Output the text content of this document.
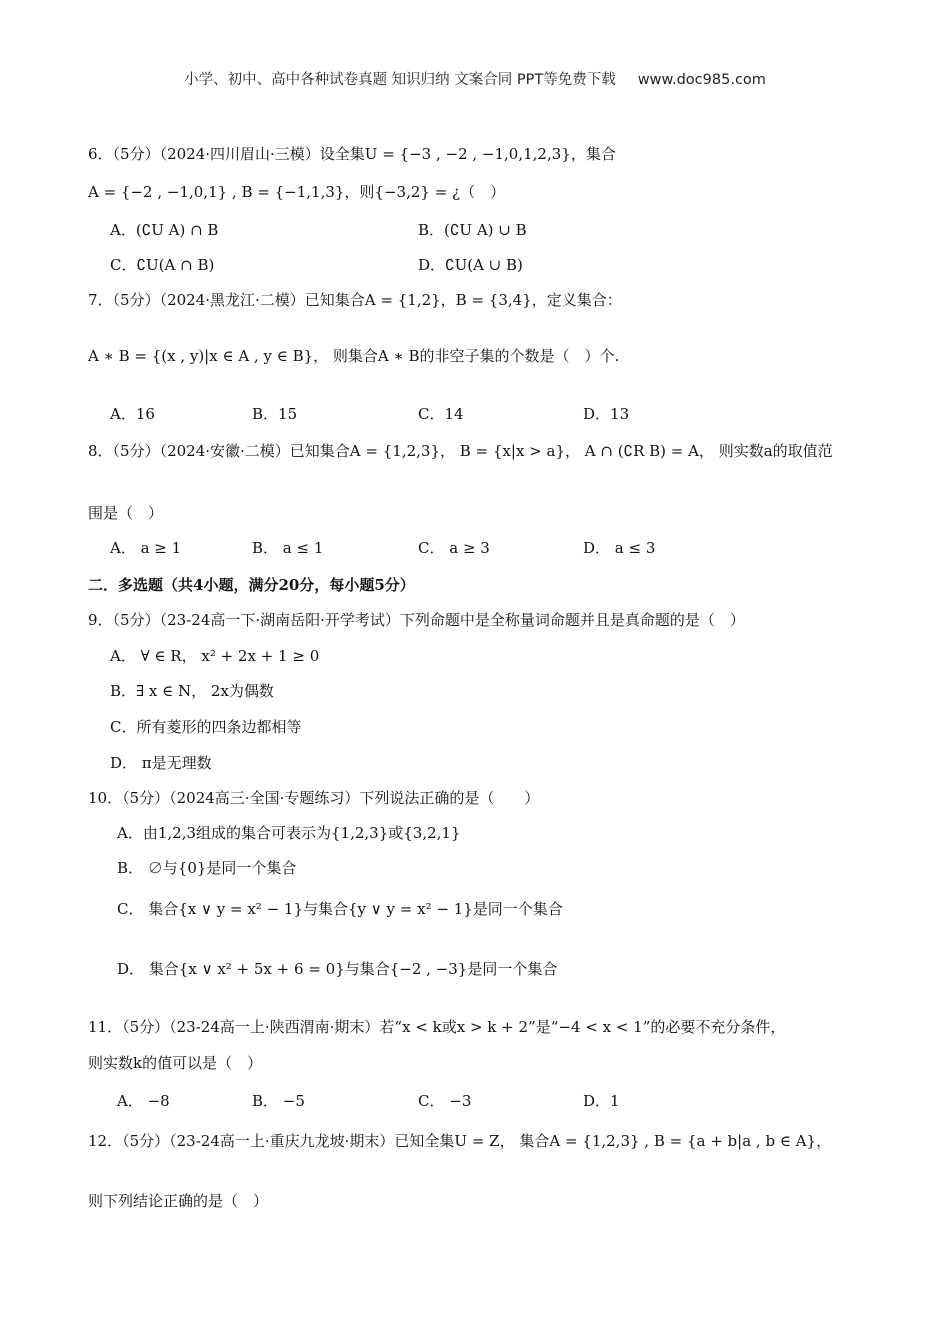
小学、初中、高中各种试卷真题 知识归纳 文案合同 PPT等免费下载 www.doc985.com
6．（5分）（2024·四川眉山·三模）设全集U = {−3 , −2 , −1,0,1,2,3}，集合
A = {−2 , −1,0,1} , B = {−1,1,3}，则{−3,2} = ¿（　）
A．(∁U A) ∩ B	B．(∁U A) ∪ B
C．∁U(A ∩ B)	D．∁U(A ∪ B)
7．（5分）（2024·黑龙江·二模）已知集合A = {1,2}，B = {3,4}，定义集合：
A ∗ B = {(x , y)|x ∈ A , y ∈ B}， 则集合A ∗ B的非空子集的个数是（　）个.
A．16	B．15	C．14	D．13
8．（5分）（2024·安徽·二模）已知集合A = {1,2,3}， B = {x|x > a}， A ∩ (∁R B) = A， 则实数a的取值范
围是（　）
A． a ≥ 1	B． a ≤ 1	C． a ≥ 3	D． a ≤ 3
二．多选题（共4小题，满分20分，每小题5分）
9．（5分）（23-24高一下·湖南岳阳·开学考试）下列命题中是全称量词命题并且是真命题的是（　）
A． ∀ ∈ R， x² + 2x + 1 ≥ 0
B．∃ x ∈ N， 2x为偶数
C．所有菱形的四条边都相等
D． π是无理数
10．（5分）（2024高三·全国·专题练习）下列说法正确的是（　　）
A．由1,2,3组成的集合可表示为{1,2,3}或{3,2,1}
B． ∅与{0}是同一个集合
C． 集合{x ∨ y = x² − 1}与集合{y ∨ y = x² − 1}是同一个集合
D． 集合{x ∨ x² + 5x + 6 = 0}与集合{−2 , −3}是同一个集合
11．（5分）（23-24高一上·陕西渭南·期末）若“x < k或x > k + 2”是“−4 < x < 1”的必要不充分条件，
则实数k的值可以是（　）
A． −8	B． −5	C． −3	D．1
12．（5分）（23-24高一上·重庆九龙坡·期末）已知全集U = Z， 集合A = {1,2,3} , B = {a + b|a , b ∈ A}，
则下列结论正确的是（　）
